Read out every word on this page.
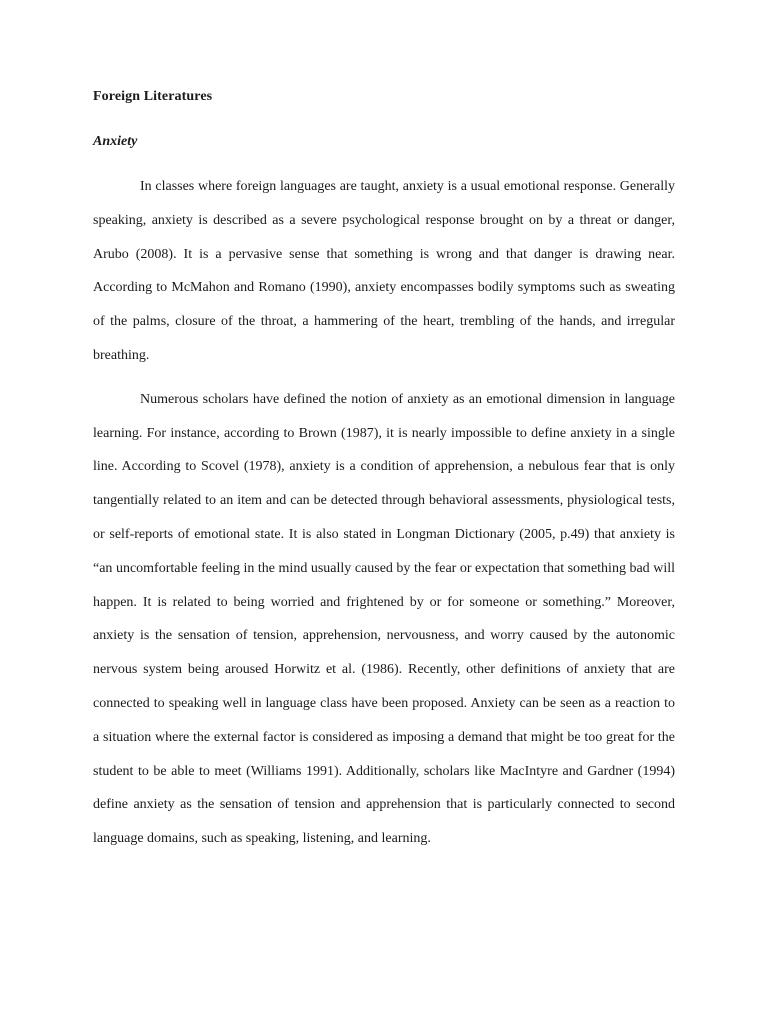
Foreign Literatures
Anxiety

In classes where foreign languages are taught, anxiety is a usual emotional response. Generally speaking, anxiety is described as a severe psychological response brought on by a threat or danger, Arubo (2008). It is a pervasive sense that something is wrong and that danger is drawing near. According to McMahon and Romano (1990), anxiety encompasses bodily symptoms such as sweating of the palms, closure of the throat, a hammering of the heart, trembling of the hands, and irregular breathing.

Numerous scholars have defined the notion of anxiety as an emotional dimension in language learning. For instance, according to Brown (1987), it is nearly impossible to define anxiety in a single line. According to Scovel (1978), anxiety is a condition of apprehension, a nebulous fear that is only tangentially related to an item and can be detected through behavioral assessments, physiological tests, or self-reports of emotional state. It is also stated in Longman Dictionary (2005, p.49) that anxiety is “an uncomfortable feeling in the mind usually caused by the fear or expectation that something bad will happen. It is related to being worried and frightened by or for someone or something.” Moreover, anxiety is the sensation of tension, apprehension, nervousness, and worry caused by the autonomic nervous system being aroused Horwitz et al. (1986). Recently, other definitions of anxiety that are connected to speaking well in language class have been proposed. Anxiety can be seen as a reaction to a situation where the external factor is considered as imposing a demand that might be too great for the student to be able to meet (Williams 1991). Additionally, scholars like MacIntyre and Gardner (1994) define anxiety as the sensation of tension and apprehension that is particularly connected to second language domains, such as speaking, listening, and learning.
